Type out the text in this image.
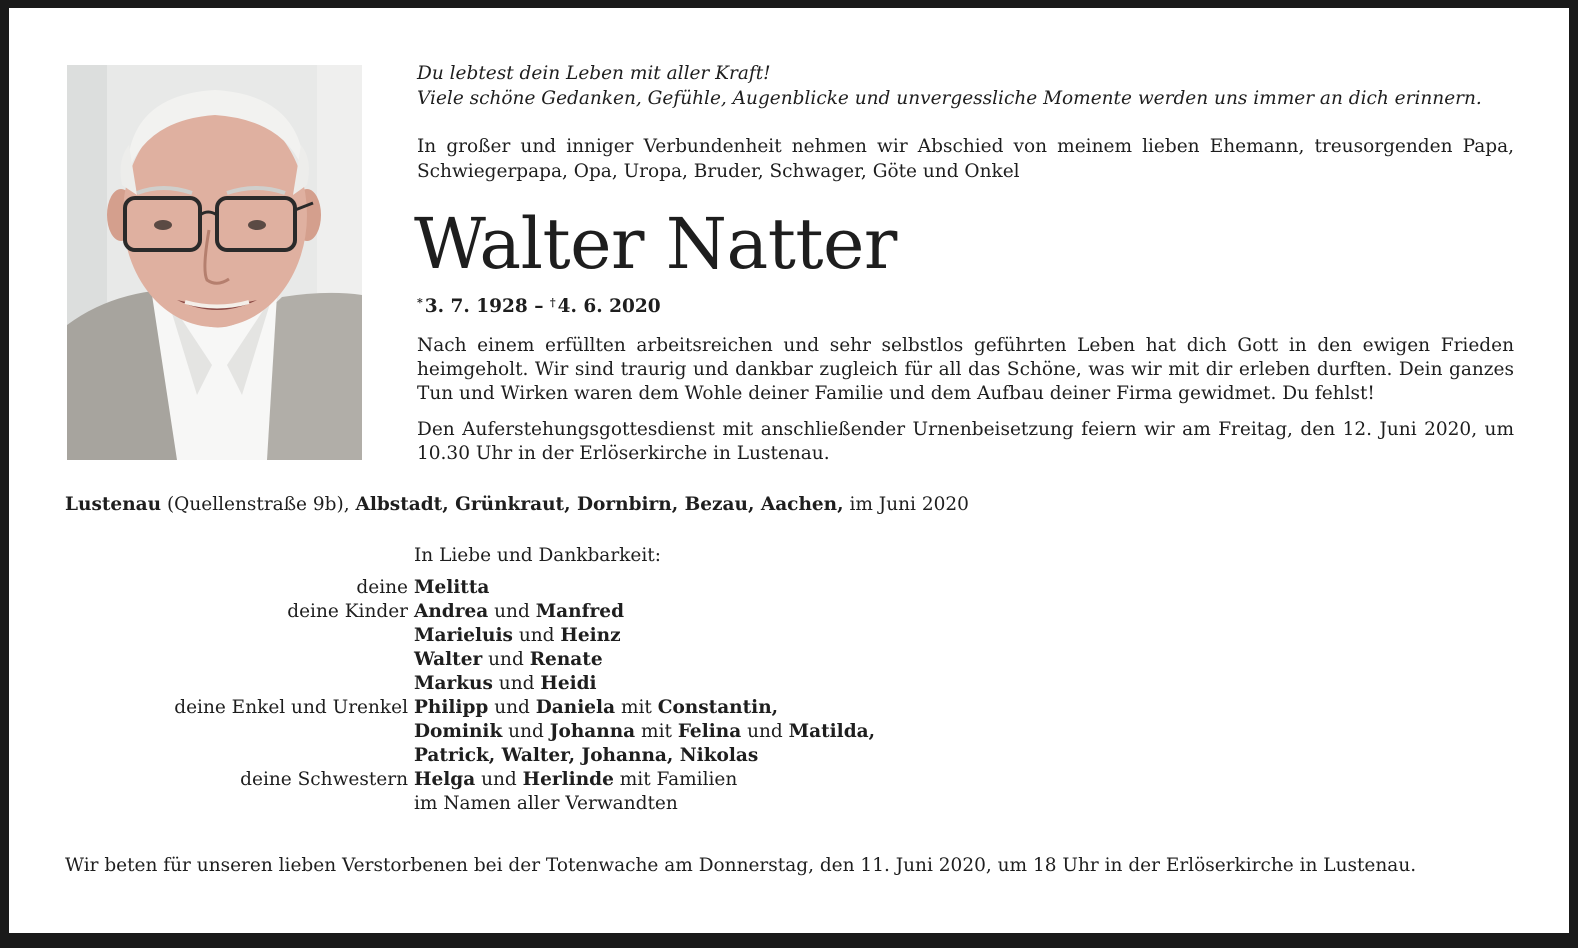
Du lebtest dein Leben mit aller Kraft!
Viele schöne Gedanken, Gefühle, Augenblicke und unvergessliche Momente werden uns immer an dich erinnern.
In großer und inniger Verbundenheit nehmen wir Abschied von meinem lieben Ehemann, treusorgenden Papa, Schwiegerpapa, Opa, Uropa, Bruder, Schwager, Göte und Onkel
Walter Natter
* 3. 7. 1928 – † 4. 6. 2020
Nach einem erfüllten arbeitsreichen und sehr selbstlos geführten Leben hat dich Gott in den ewigen Frieden heimgeholt. Wir sind traurig und dankbar zugleich für all das Schöne, was wir mit dir erleben durften. Dein ganzes Tun und Wirken waren dem Wohle deiner Familie und dem Aufbau deiner Firma gewidmet. Du fehlst!
Den Auferstehungsgottesdienst mit anschließender Urnenbeisetzung feiern wir am Freitag, den 12. Juni 2020, um 10.30 Uhr in der Erlöserkirche in Lustenau.
Lustenau (Quellenstraße 9b), Albstadt, Grünkraut, Dornbirn, Bezau, Aachen, im Juni 2020
In Liebe und Dankbarkeit:
deine Melitta
deine Kinder Andrea und Manfred
Marieluis und Heinz
Walter und Renate
Markus und Heidi
deine Enkel und Urenkel Philipp und Daniela mit Constantin,
Dominik und Johanna mit Felina und Matilda,
Patrick, Walter, Johanna, Nikolas
deine Schwestern Helga und Herlinde mit Familien
im Namen aller Verwandten
Wir beten für unseren lieben Verstorbenen bei der Totenwache am Donnerstag, den 11. Juni 2020, um 18 Uhr in der Erlöserkirche in Lustenau.
